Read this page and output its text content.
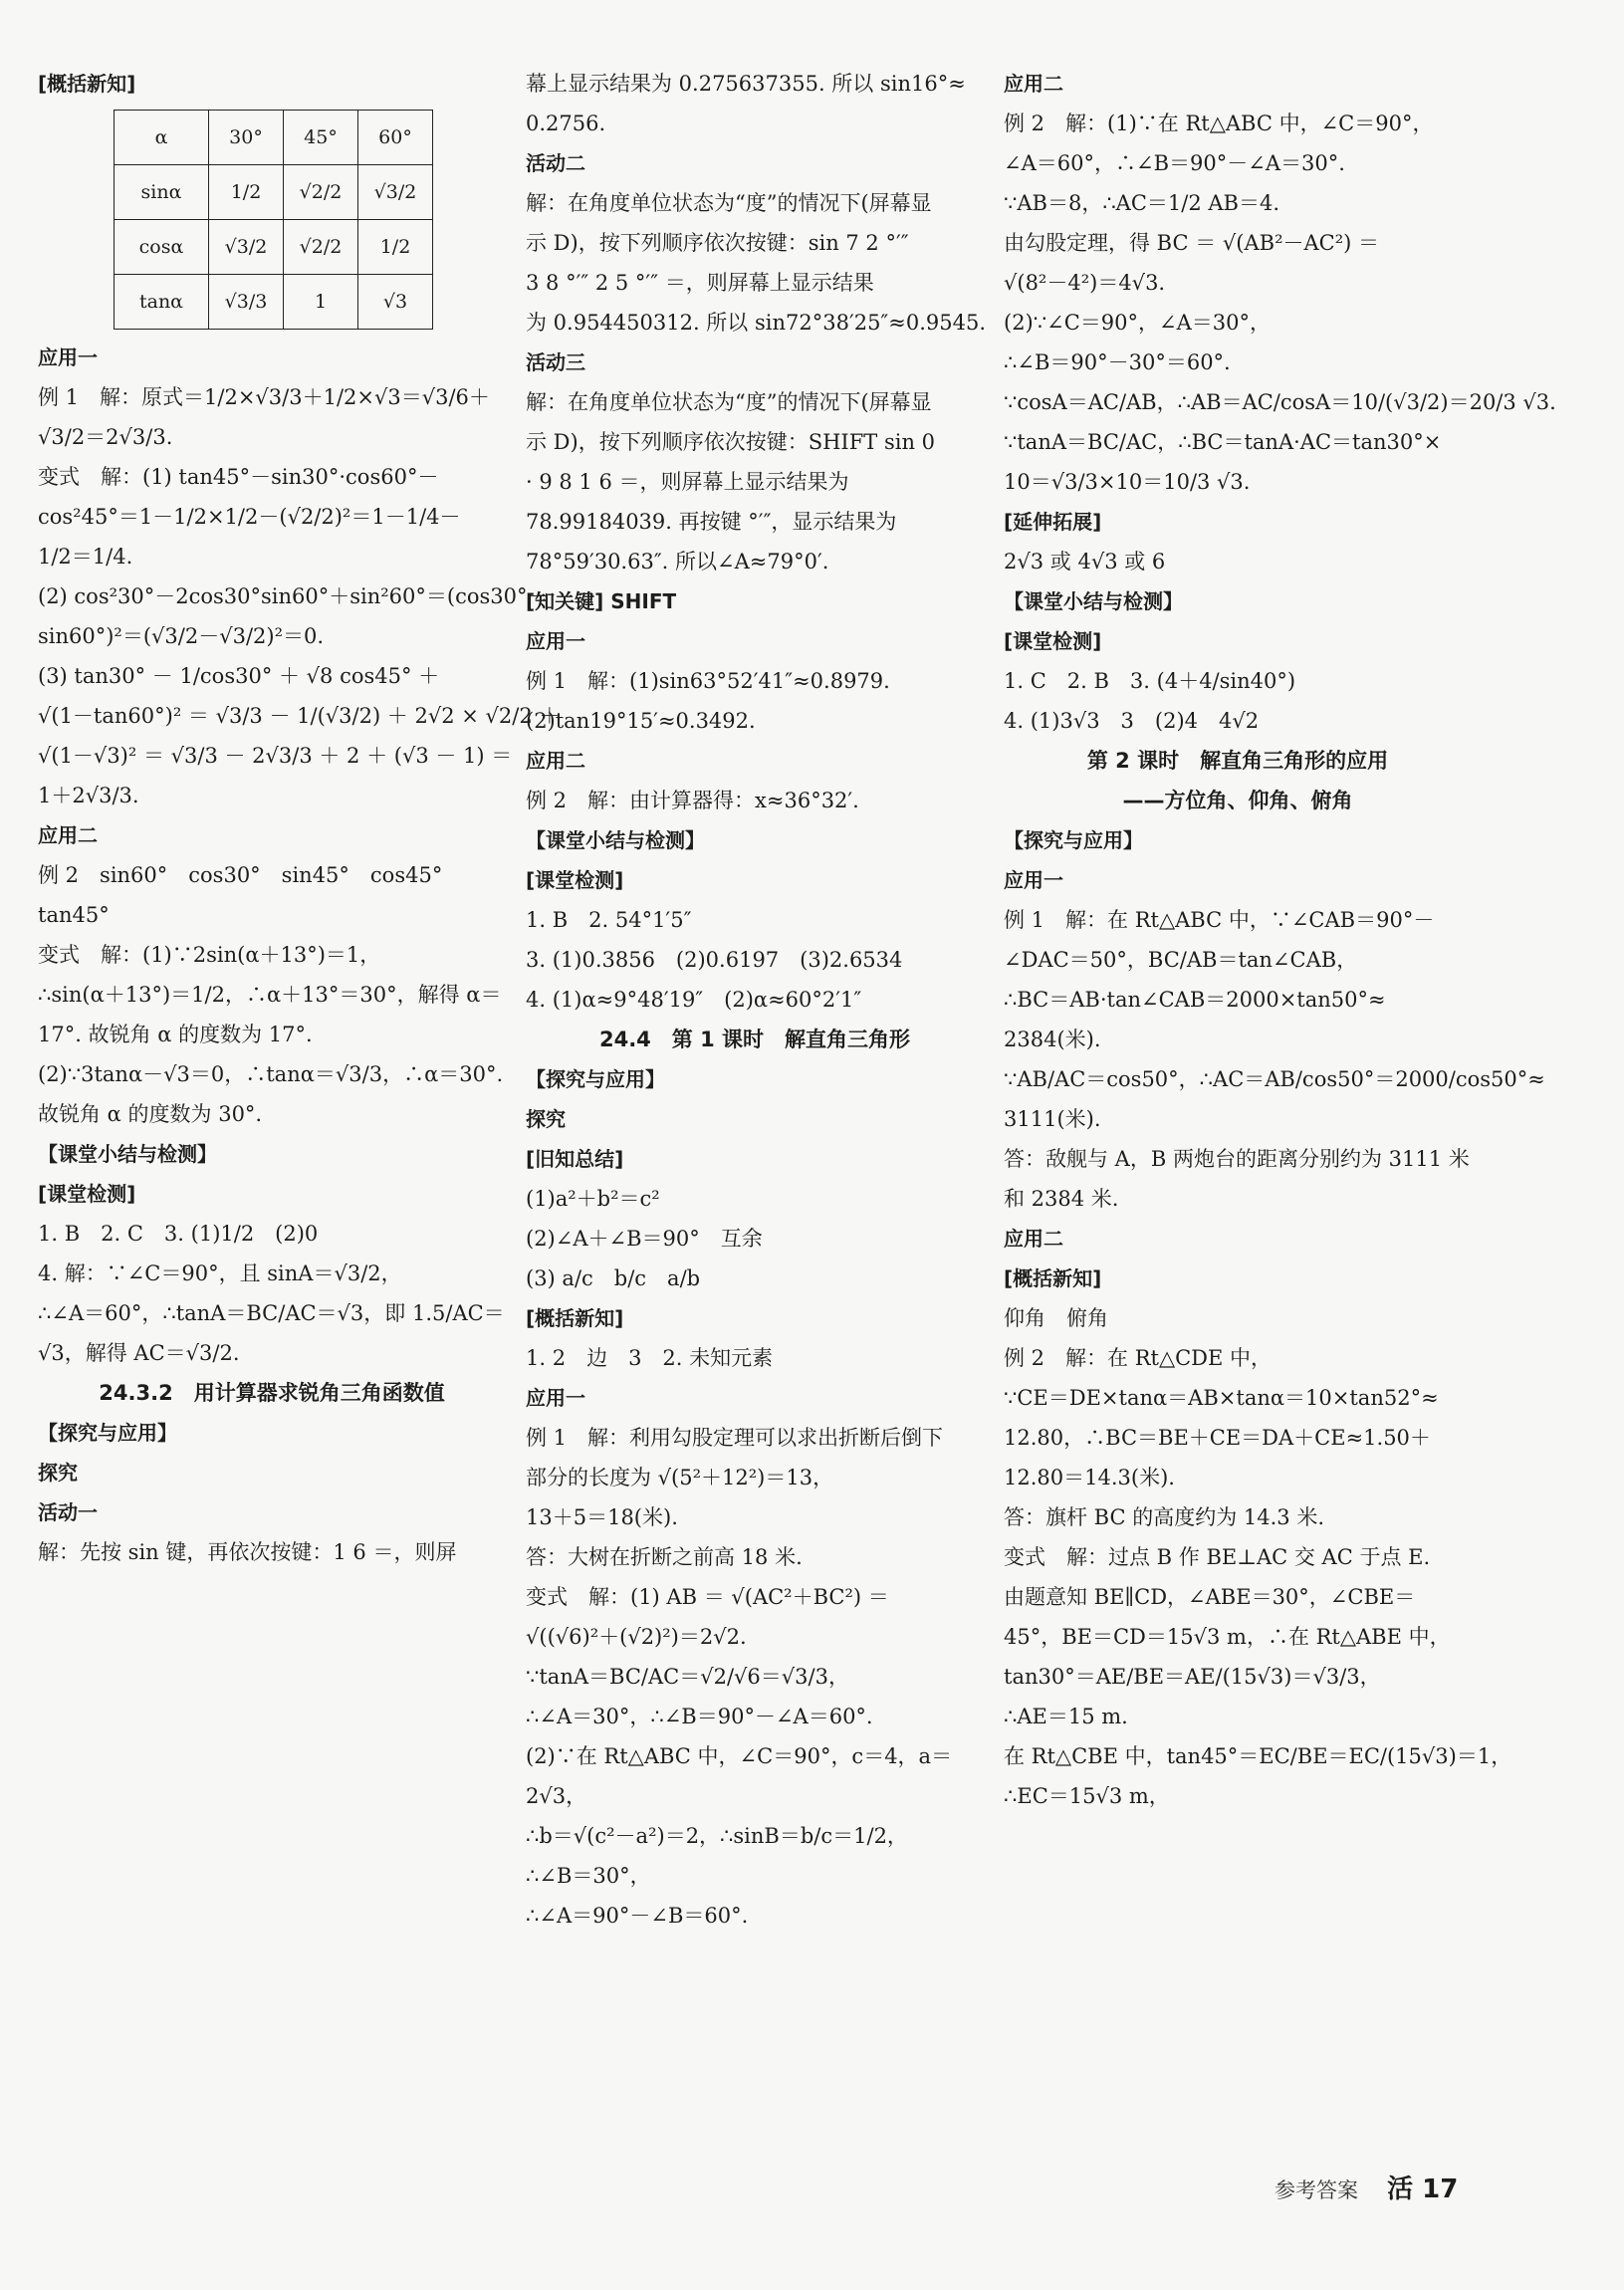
[概括新知]
α	30°	45°	60°
sinα	1/2	√2/2	√3/2
cosα	√3/2	√2/2	1/2
tanα	√3/3	1	√3
应用一
例 1　解：原式＝1/2×√3/3＋1/2×√3＝√3/6＋
√3/2＝2√3/3.
变式　解：(1) tan45°－sin30°·cos60°－
cos²45°＝1－1/2×1/2－(√2/2)²＝1－1/4－
1/2＝1/4.
(2) cos²30°－2cos30°sin60°＋sin²60°＝(cos30°－
sin60°)²＝(√3/2－√3/2)²＝0.
(3) tan30° － 1/cos30° ＋ √8 cos45° ＋
√(1－tan60°)² ＝ √3/3 － 1/(√3/2) ＋ 2√2 × √2/2 ＋
√(1－√3)² ＝ √3/3 － 2√3/3 ＋ 2 ＋ (√3 － 1) ＝
1＋2√3/3.
应用二
例 2　sin60°　cos30°　sin45°　cos45°
tan45°
变式　解：(1)∵2sin(α＋13°)＝1，
∴sin(α＋13°)＝1/2，∴α＋13°＝30°，解得 α＝
17°. 故锐角 α 的度数为 17°.
(2)∵3tanα－√3＝0，∴tanα＝√3/3，∴α＝30°.
故锐角 α 的度数为 30°.
【课堂小结与检测】
[课堂检测]
1. B　2. C　3. (1)1/2　(2)0
4. 解：∵∠C＝90°，且 sinA＝√3/2，
∴∠A＝60°，∴tanA＝BC/AC＝√3，即 1.5/AC＝
√3，解得 AC＝√3/2.
24.3.2　用计算器求锐角三角函数值
【探究与应用】
探究
活动一
解：先按 sin 键，再依次按键：1 6 ＝，则屏
幕上显示结果为 0.275637355. 所以 sin16°≈
0.2756.
活动二
解：在角度单位状态为“度”的情况下(屏幕显
示 D)，按下列顺序依次按键：sin 7 2 °′″
3 8 °′″ 2 5 °′″ ＝，则屏幕上显示结果
为 0.954450312. 所以 sin72°38′25″≈0.9545.
活动三
解：在角度单位状态为“度”的情况下(屏幕显
示 D)，按下列顺序依次按键：SHIFT sin 0
· 9 8 1 6 ＝，则屏幕上显示结果为
78.99184039. 再按键 °′″，显示结果为
78°59′30.63″. 所以∠A≈79°0′.
[知关键] SHIFT
应用一
例 1　解：(1)sin63°52′41″≈0.8979.
(2)tan19°15′≈0.3492.
应用二
例 2　解：由计算器得：x≈36°32′.
【课堂小结与检测】
[课堂检测]
1. B　2. 54°1′5″
3. (1)0.3856　(2)0.6197　(3)2.6534
4. (1)α≈9°48′19″　(2)α≈60°2′1″
24.4　第 1 课时　解直角三角形
【探究与应用】
探究
[旧知总结]
(1)a²＋b²＝c²
(2)∠A＋∠B＝90°　互余
(3) a/c　b/c　a/b
[概括新知]
1. 2　边　3　2. 未知元素
应用一
例 1　解：利用勾股定理可以求出折断后倒下
部分的长度为 √(5²＋12²)＝13，
13＋5＝18(米).
答：大树在折断之前高 18 米.
变式　解：(1) AB ＝ √(AC²＋BC²) ＝
√((√6)²＋(√2)²)＝2√2.
∵tanA＝BC/AC＝√2/√6＝√3/3，
∴∠A＝30°，∴∠B＝90°－∠A＝60°.
(2)∵在 Rt△ABC 中，∠C＝90°，c＝4，a＝
2√3，
∴b＝√(c²－a²)＝2，∴sinB＝b/c＝1/2，
∴∠B＝30°，
∴∠A＝90°－∠B＝60°.
应用二
例 2　解：(1)∵在 Rt△ABC 中，∠C＝90°，
∠A＝60°，∴∠B＝90°－∠A＝30°.
∵AB＝8，∴AC＝1/2 AB＝4.
由勾股定理，得 BC ＝ √(AB²－AC²) ＝
√(8²－4²)＝4√3.
(2)∵∠C＝90°，∠A＝30°，
∴∠B＝90°－30°＝60°.
∵cosA＝AC/AB，∴AB＝AC/cosA＝10/(√3/2)＝20/3 √3.
∵tanA＝BC/AC，∴BC＝tanA·AC＝tan30°×
10＝√3/3×10＝10/3 √3.
[延伸拓展]
2√3 或 4√3 或 6
【课堂小结与检测】
[课堂检测]
1. C　2. B　3. (4＋4/sin40°)
4. (1)3√3　3　(2)4　4√2
第 2 课时　解直角三角形的应用
——方位角、仰角、俯角
【探究与应用】
应用一
例 1　解：在 Rt△ABC 中，∵∠CAB＝90°－
∠DAC＝50°，BC/AB＝tan∠CAB，
∴BC＝AB·tan∠CAB＝2000×tan50°≈
2384(米).
∵AB/AC＝cos50°，∴AC＝AB/cos50°＝2000/cos50°≈
3111(米).
答：敌舰与 A，B 两炮台的距离分别约为 3111 米
和 2384 米.
应用二
[概括新知]
仰角　俯角
例 2　解：在 Rt△CDE 中，
∵CE＝DE×tanα＝AB×tanα＝10×tan52°≈
12.80，∴BC＝BE＋CE＝DA＋CE≈1.50＋
12.80＝14.3(米).
答：旗杆 BC 的高度约为 14.3 米.
变式　解：过点 B 作 BE⊥AC 交 AC 于点 E.
由题意知 BE∥CD，∠ABE＝30°，∠CBE＝
45°，BE＝CD＝15√3 m，∴在 Rt△ABE 中，
tan30°＝AE/BE＝AE/(15√3)＝√3/3，
∴AE＝15 m.
在 Rt△CBE 中，tan45°＝EC/BE＝EC/(15√3)＝1，
∴EC＝15√3 m，
参考答案 活 17
